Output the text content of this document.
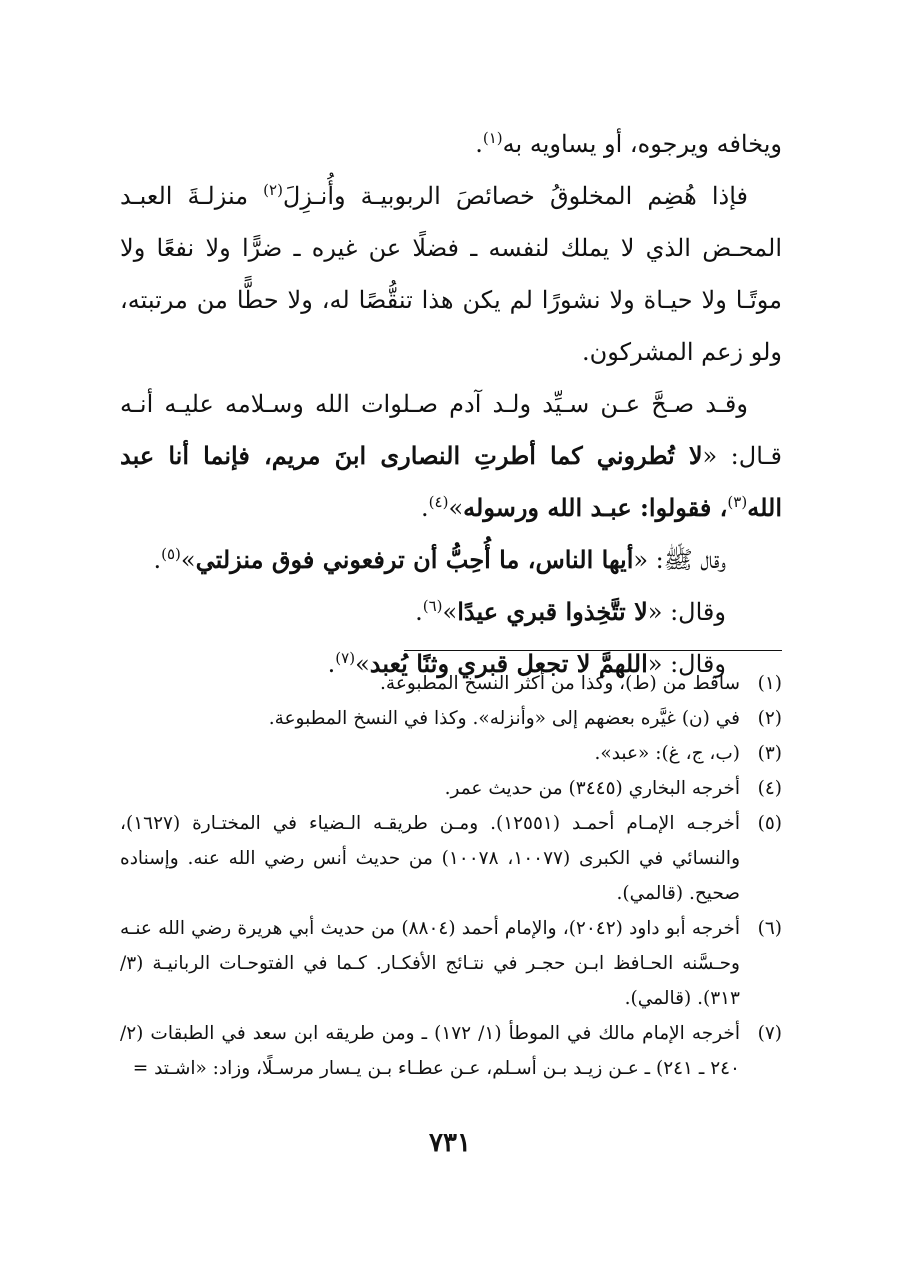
ويخافه ويرجوه، أو يساويه به$^{(١)}$.

فإذا هُضِم المخلوقُ خصائصَ الربوبيـة وأُنـزِلَ$^{(٢)}$ منزلـةَ العبـد المحـض الذي لا يملك لنفسه ـ فضلًا عن غيره ـ ضرًّا ولا نفعًا ولا موتًـا ولا حيـاة ولا نشورًا لم يكن هذا تنقُّصًا له، ولا حطًّا من مرتبته، ولو زعم المشركون.

وقـد صـحَّ عـن سـيِّد ولـد آدم صـلوات الله وسـلامه عليـه أنـه قـال: «لا تُطروني كما أطرتِ النصارى ابنَ مريم، فإنما أنا عبد الله$^{(٣)}$، فقولوا: عبـد الله ورسوله»$^{(٤)}$.

وقال ﷺ: «أيها الناس، ما أُحِبُّ أن ترفعوني فوق منزلتي»$^{(٥)}$.

وقال: «لا تتَّخِذوا قبري عيدًا»$^{(٦)}$.

وقال: «اللهمَّ لا تجعل قبري وثنًا يُعبد»$^{(٧)}$.

(١)
ساقط من (ط)، وكذا من أكثر النسخ المطبوعة.
(٢)
في (ن) غيَّره بعضهم إلى «وأنزله». وكذا في النسخ المطبوعة.
(٣)
(ب، ج، غ): «عبد».
(٤)
أخرجه البخاري (٣٤٤٥) من حديث عمر.
(٥)
أخرجـه الإمـام أحمـد (١٢٥٥١). ومـن طريقـه الـضياء في المختـارة (١٦٢٧)، والنسائي في الكبرى (١٠٠٧٧، ١٠٠٧٨) من حديث أنس رضي الله عنه. وإسناده صحيح. (قالمي).
(٦)
أخرجه أبو داود (٢٠٤٢)، والإمام أحمد (٨٨٠٤) من حديث أبي هريرة رضي الله عنـه وحـسَّنه الحـافظ ابـن حجـر في نتـائج الأفكـار. كـما في الفتوحـات الربانيـة (٣/ ٣١٣). (قالمي).
(٧)
أخرجه الإمام مالك في الموطأ (١/ ١٧٢) ـ ومن طريقه ابن سعد في الطبقات (٢/ ٢٤٠ ـ ٢٤١) ـ عـن زيـد بـن أسـلم، عـن عطـاء بـن يـسار مرسـلًا، وزاد: «اشـتد =
٧٣١
